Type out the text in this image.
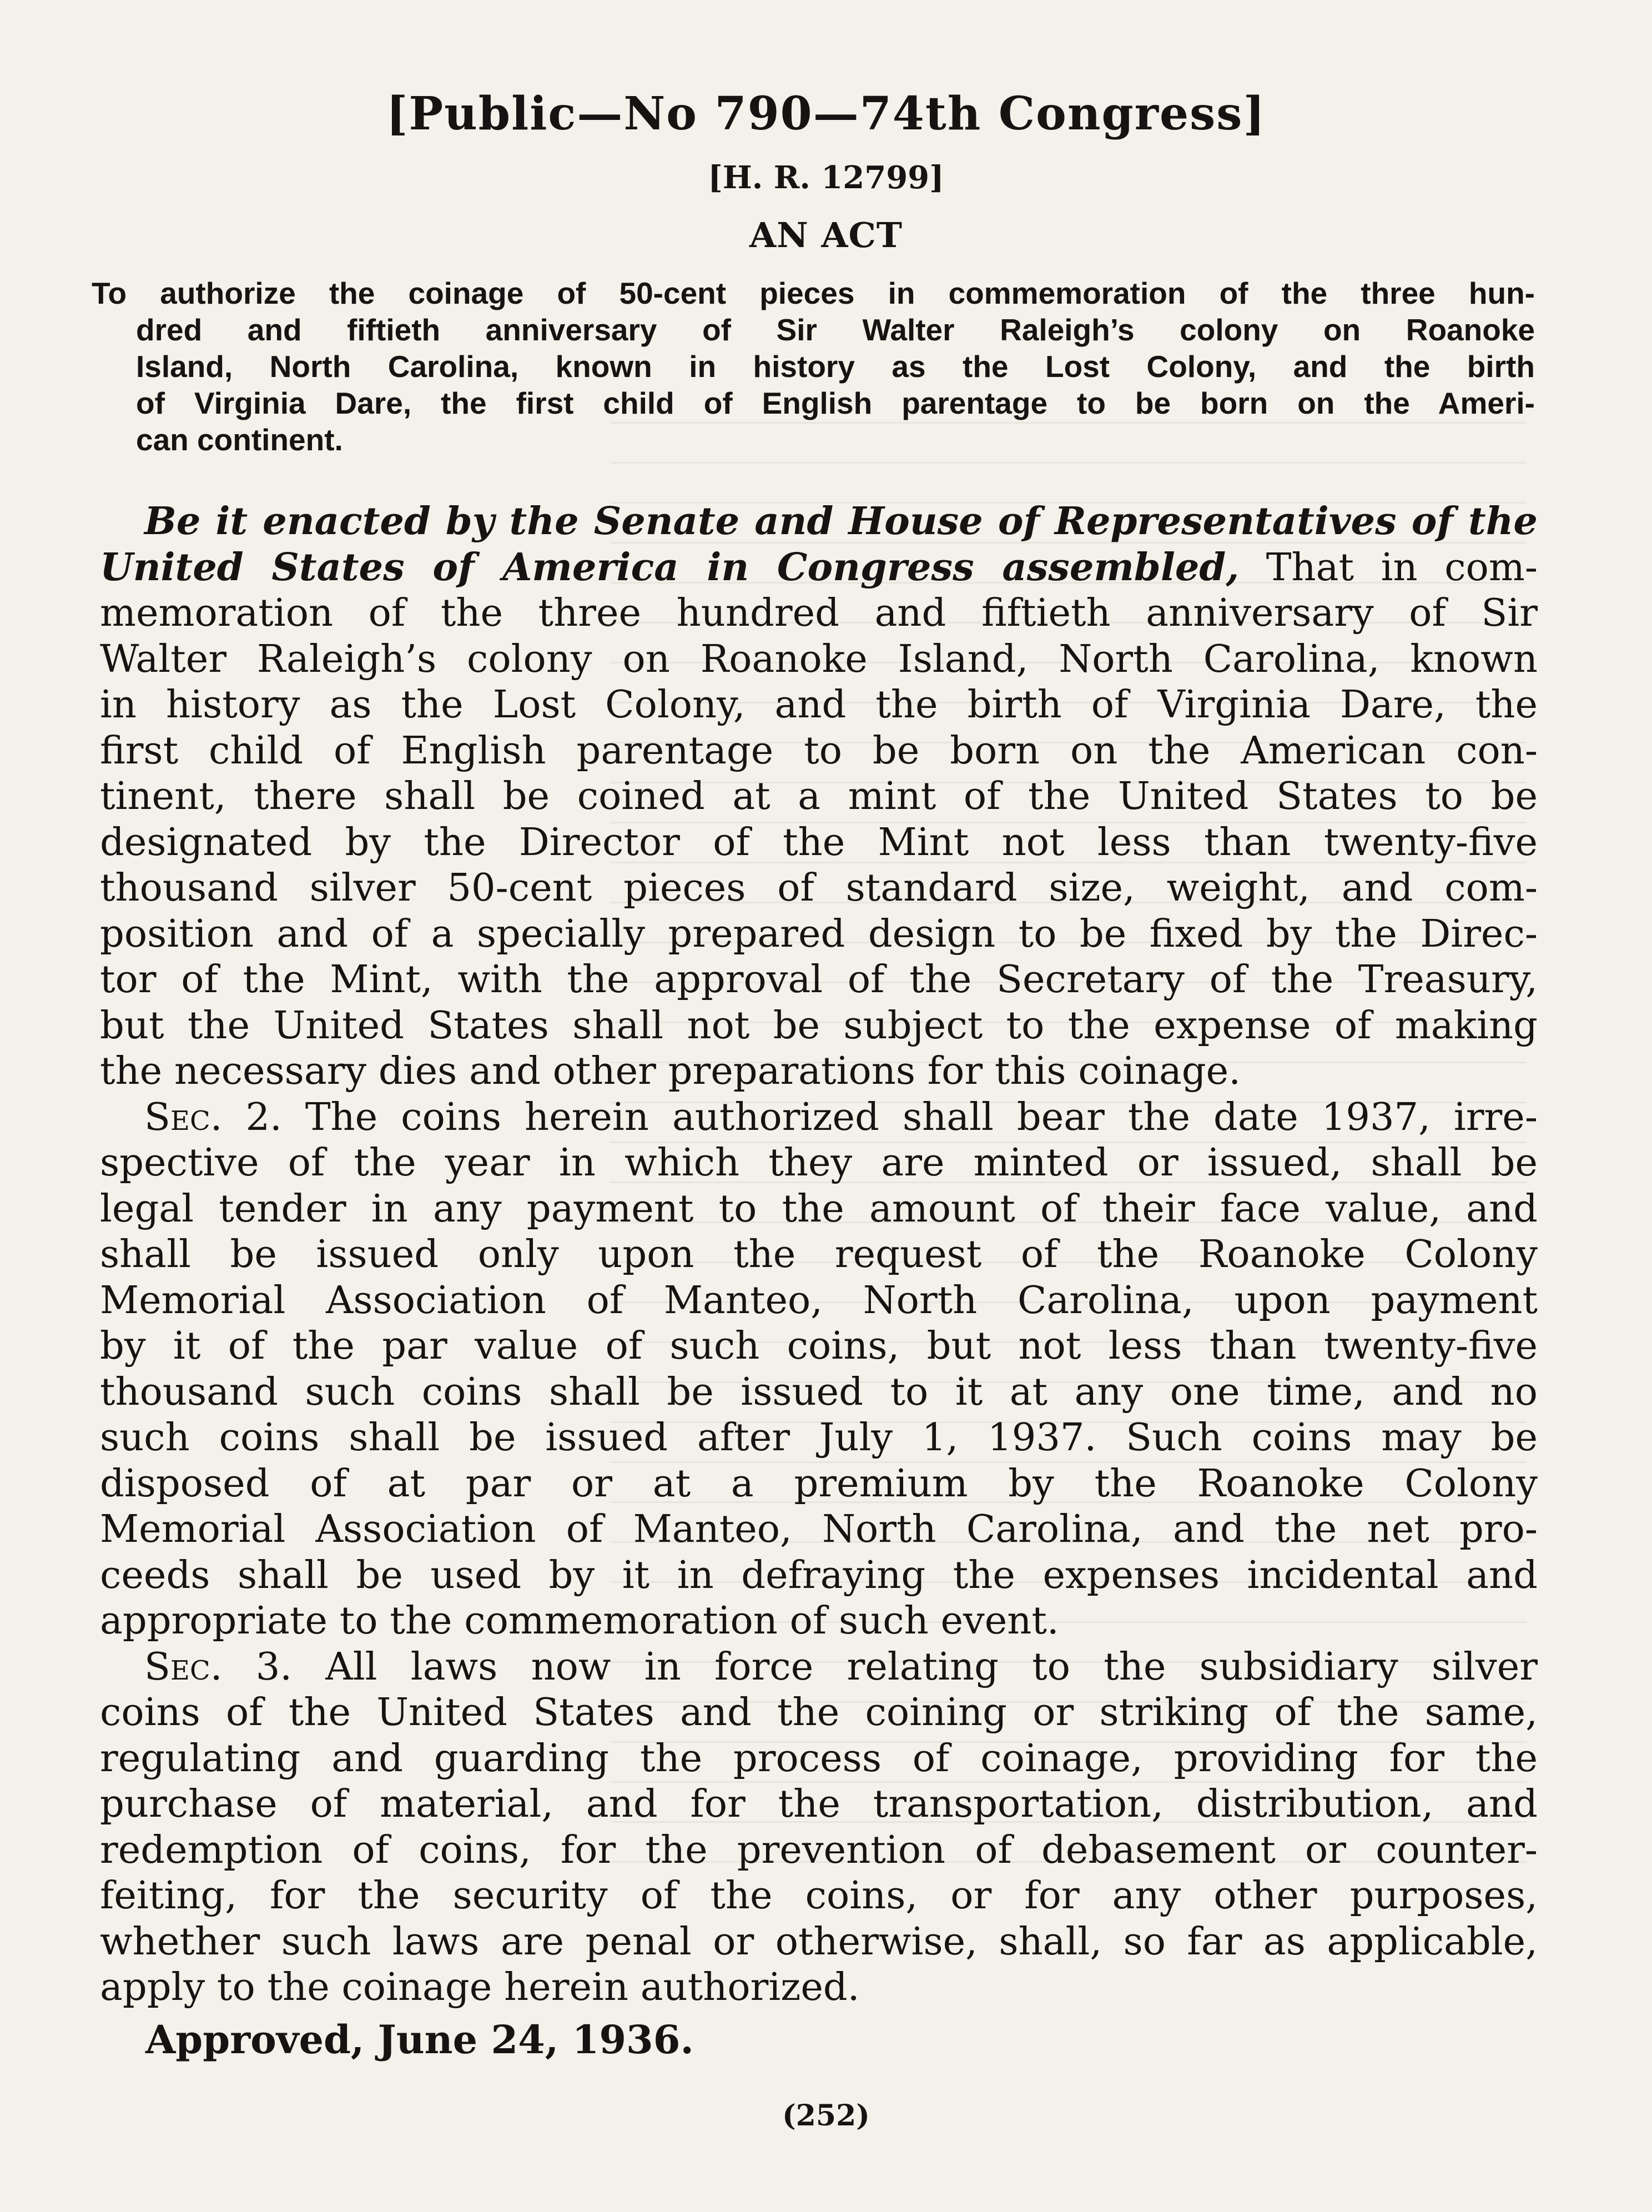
[Public—No 790—74th Congress]
[H. R. 12799]
AN ACT
To authorize the coinage of 50-cent pieces in commemoration of the three hun-
dred and fiftieth anniversary of Sir Walter Raleigh’s colony on Roanoke
Island, North Carolina, known in history as the Lost Colony, and the birth
of Virginia Dare, the first child of English parentage to be born on the Ameri-
can continent.
Be it enacted by the Senate and House of Representatives of the
United States of America in Congress assembled, That in com-
memoration of the three hundred and fiftieth anniversary of Sir
Walter Raleigh’s colony on Roanoke Island, North Carolina, known
in history as the Lost Colony, and the birth of Virginia Dare, the
first child of English parentage to be born on the American con-
tinent, there shall be coined at a mint of the United States to be
designated by the Director of the Mint not less than twenty-five
thousand silver 50-cent pieces of standard size, weight, and com-
position and of a specially prepared design to be fixed by the Direc-
tor of the Mint, with the approval of the Secretary of the Treasury,
but the United States shall not be subject to the expense of making
the necessary dies and other preparations for this coinage.
Sec. 2. The coins herein authorized shall bear the date 1937, irre-
spective of the year in which they are minted or issued, shall be
legal tender in any payment to the amount of their face value, and
shall be issued only upon the request of the Roanoke Colony
Memorial Association of Manteo, North Carolina, upon payment
by it of the par value of such coins, but not less than twenty-five
thousand such coins shall be issued to it at any one time, and no
such coins shall be issued after July 1, 1937. Such coins may be
disposed of at par or at a premium by the Roanoke Colony
Memorial Association of Manteo, North Carolina, and the net pro-
ceeds shall be used by it in defraying the expenses incidental and
appropriate to the commemoration of such event.
Sec. 3. All laws now in force relating to the subsidiary silver
coins of the United States and the coining or striking of the same,
regulating and guarding the process of coinage, providing for the
purchase of material, and for the transportation, distribution, and
redemption of coins, for the prevention of debasement or counter-
feiting, for the security of the coins, or for any other purposes,
whether such laws are penal or otherwise, shall, so far as applicable,
apply to the coinage herein authorized.
Approved, June 24, 1936.
(252)
